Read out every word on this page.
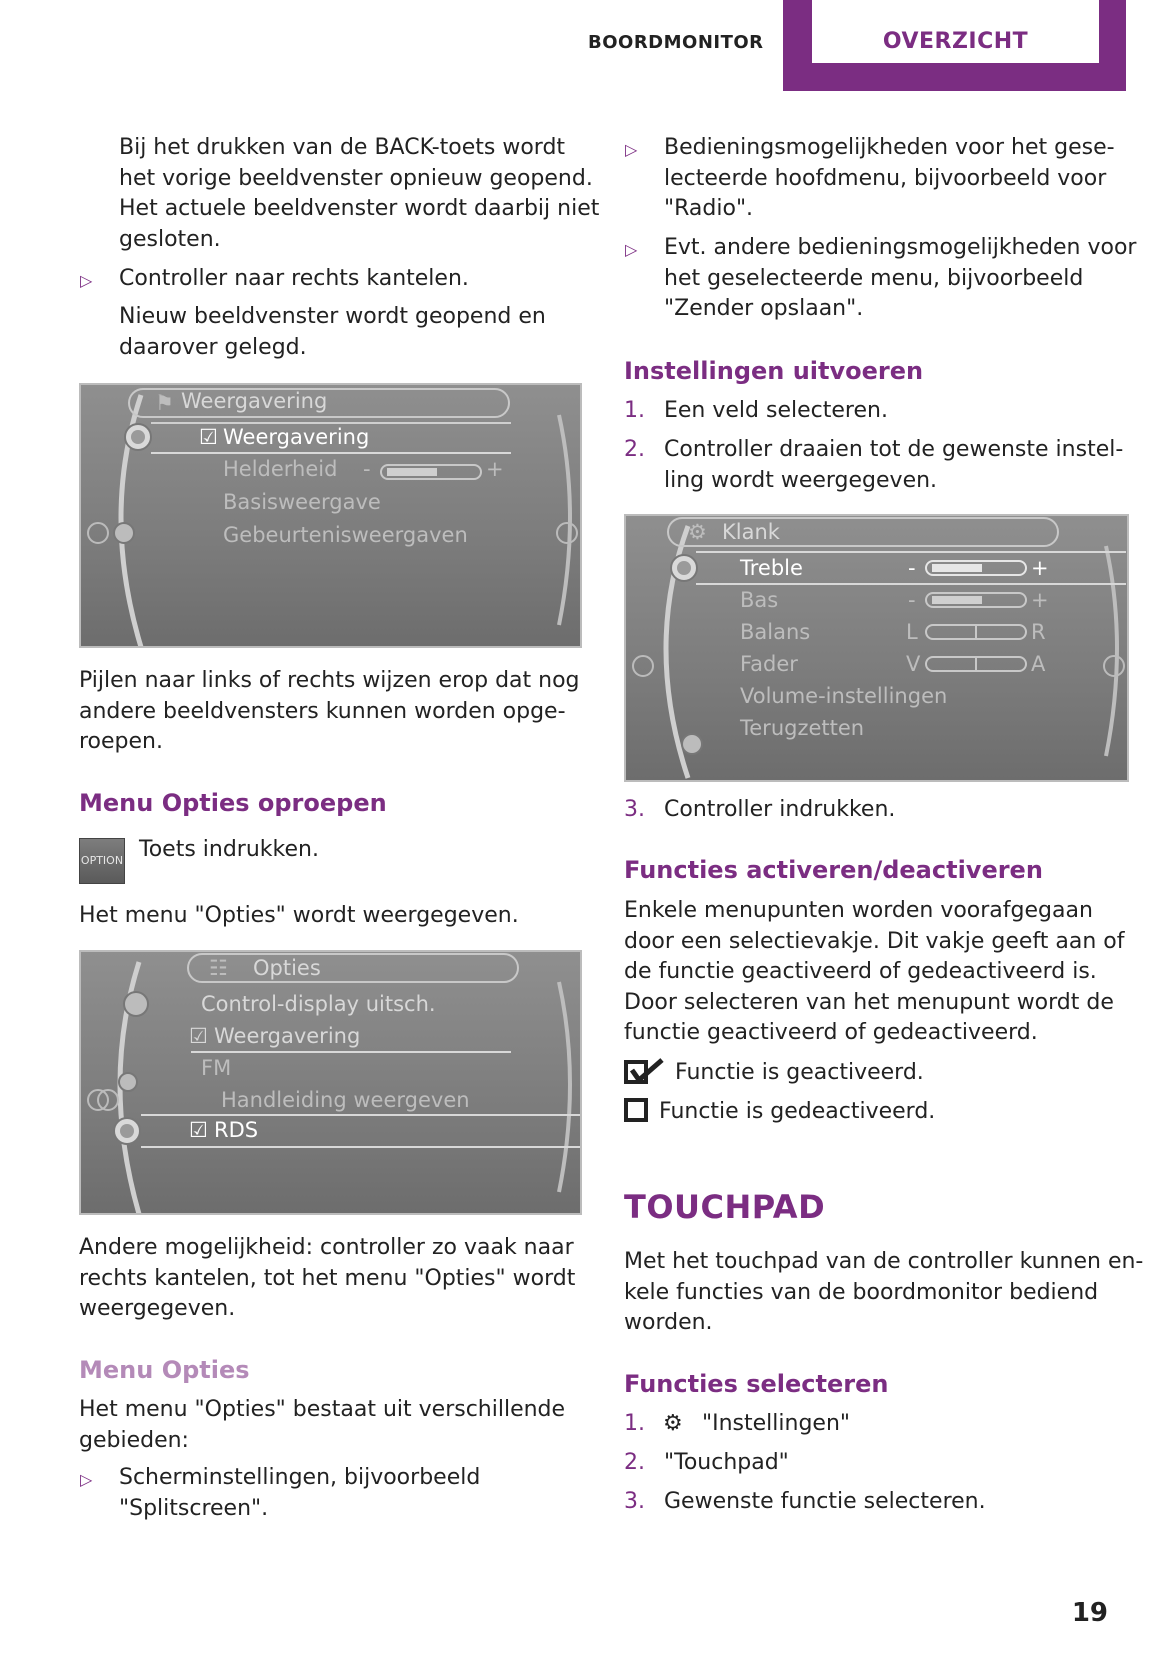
BOORDMONITOR	OVERZICHT
Bij het drukken van de BACK-toets wordt
het vorige beeldvenster opnieuw geopend.
Het actuele beeldvenster wordt daarbij niet
gesloten.
▷ Controller naar rechts kantelen.
Nieuw beeldvenster wordt geopend en
daarover gelegd.
⚑ Weergavering
☑ Weergavering
Helderheid -	+
Basisweergave
Gebeurtenisweergaven
Pijlen naar links of rechts wijzen erop dat nog
andere beeldvensters kunnen worden opge-
roepen.
Menu Opties oproepen
OPTION Toets indrukken.
Het menu "Opties" wordt weergegeven.
☷ Opties
Control-display uitsch.
☑ Weergavering
FM
Handleiding weergeven
☑ RDS
Andere mogelijkheid: controller zo vaak naar
rechts kantelen, tot het menu "Opties" wordt
weergegeven.
Menu Opties
Het menu "Opties" bestaat uit verschillende
gebieden:
▷ Scherminstellingen, bijvoorbeeld
"Splitscreen".
▷ Bedieningsmogelijkheden voor het gese-
lecteerde hoofdmenu, bijvoorbeeld voor
"Radio".
▷ Evt. andere bedieningsmogelijkheden voor
het geselecteerde menu, bijvoorbeeld
"Zender opslaan".
Instellingen uitvoeren
1. Een veld selecteren.
2. Controller draaien tot de gewenste instel-
ling wordt weergegeven.
⚙ Klank
Treble	-	+
Bas	-	+
Balans	L	R
Fader	V	A
Volume-instellingen
Terugzetten
3. Controller indrukken.
Functies activeren/deactiveren
Enkele menupunten worden voorafgegaan
door een selectievakje. Dit vakje geeft aan of
de functie geactiveerd of gedeactiveerd is.
Door selecteren van het menupunt wordt de
functie geactiveerd of gedeactiveerd.
Functie is geactiveerd.
Functie is gedeactiveerd.
TOUCHPAD
Met het touchpad van de controller kunnen en-
kele functies van de boordmonitor bediend
worden.
Functies selecteren
1. ⚙ "Instellingen"
2. "Touchpad"
3. Gewenste functie selecteren.
19
